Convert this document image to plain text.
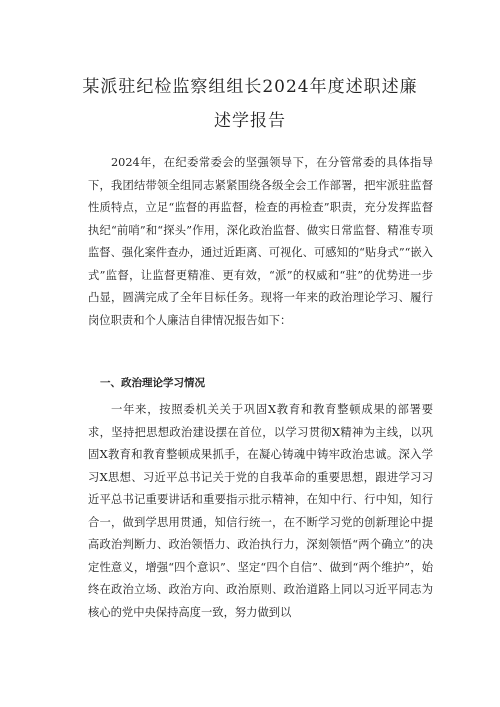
某派驻纪检监察组组长2024年度述职述廉
述学报告

2024年，在纪委常委会的坚强领导下，在分管常委的具体指导下，我团结带领全组同志紧紧围绕各级全会工作部署，把牢派驻监督性质特点，立足“监督的再监督，检查的再检查”职责，充分发挥监督执纪“前哨”和“探头”作用，深化政治监督、做实日常监督、精准专项监督、强化案件查办，通过近距离、可视化、可感知的“贴身式”“嵌入式”监督，让监督更精准、更有效，“派”的权威和“驻”的优势进一步凸显，圆满完成了全年目标任务。现将一年来的政治理论学习、履行岗位职责和个人廉洁自律情况报告如下：

一、政治理论学习情况

一年来，按照委机关关于巩固X教育和教育整顿成果的部署要求，坚持把思想政治建设摆在首位，以学习贯彻X精神为主线，以巩固X教育和教育整顿成果抓手，在凝心铸魂中铸牢政治忠诚。深入学习X思想、习近平总书记关于党的自我革命的重要思想，跟进学习习近平总书记重要讲话和重要指示批示精神，在知中行、行中知，知行合一，做到学思用贯通，知信行统一，在不断学习党的创新理论中提高政治判断力、政治领悟力、政治执行力，深刻领悟“两个确立”的决定性意义，增强“四个意识”、坚定“四个自信”、做到“两个维护”，始终在政治立场、政治方向、政治原则、政治道路上同以习近平同志为核心的党中央保持高度一致，努力做到以
